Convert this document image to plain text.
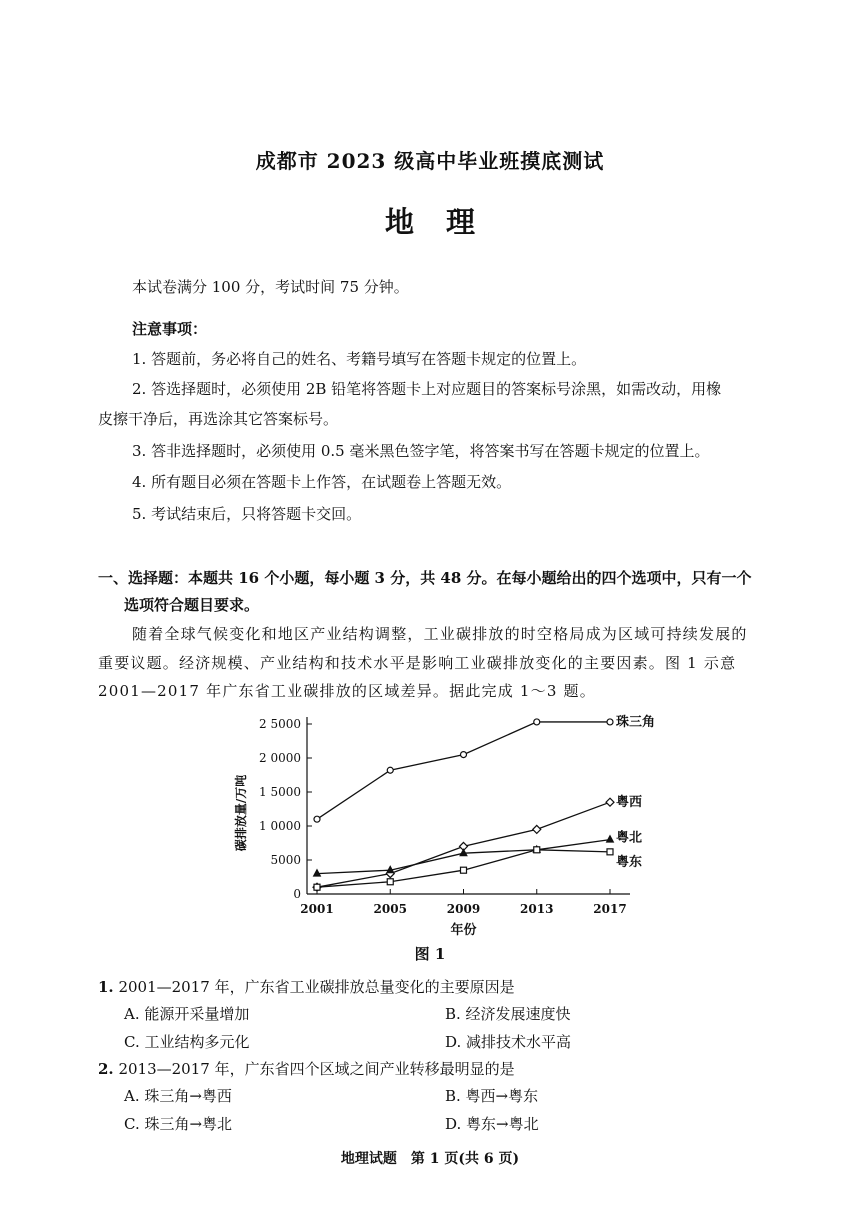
成都市 2023 级高中毕业班摸底测试
地理
本试卷满分 100 分，考试时间 75 分钟。
注意事项：
1. 答题前，务必将自己的姓名、考籍号填写在答题卡规定的位置上。
2. 答选择题时，必须使用 2B 铅笔将答题卡上对应题目的答案标号涂黑，如需改动，用橡
皮擦干净后，再选涂其它答案标号。
3. 答非选择题时，必须使用 0.5 毫米黑色签字笔，将答案书写在答题卡规定的位置上。
4. 所有题目必须在答题卡上作答，在试题卷上答题无效。
5. 考试结束后，只将答题卡交回。
一、选择题：本题共 16 个小题，每小题 3 分，共 48 分。在每小题给出的四个选项中，只有一个
选项符合题目要求。
随着全球气候变化和地区产业结构调整，工业碳排放的时空格局成为区域可持续发展的
重要议题。经济规模、产业结构和技术水平是影响工业碳排放变化的主要因素。图 1 示意
2001—2017 年广东省工业碳排放的区域差异。据此完成 1～3 题。
0
5000
1 0000
1 5000
2 0000
2 5000
2001	2005	2009	2013	2017
年份
碳排放量/万吨
珠三角
粤西
粤北
粤东
图 1
1. 2001—2017 年，广东省工业碳排放总量变化的主要原因是
A. 能源开采量增加	B. 经济发展速度快
C. 工业结构多元化	D. 减排技术水平高
2. 2013—2017 年，广东省四个区域之间产业转移最明显的是
A. 珠三角→粤西	B. 粤西→粤东
C. 珠三角→粤北	D. 粤东→粤北
地理试题　第 1 页(共 6 页)
